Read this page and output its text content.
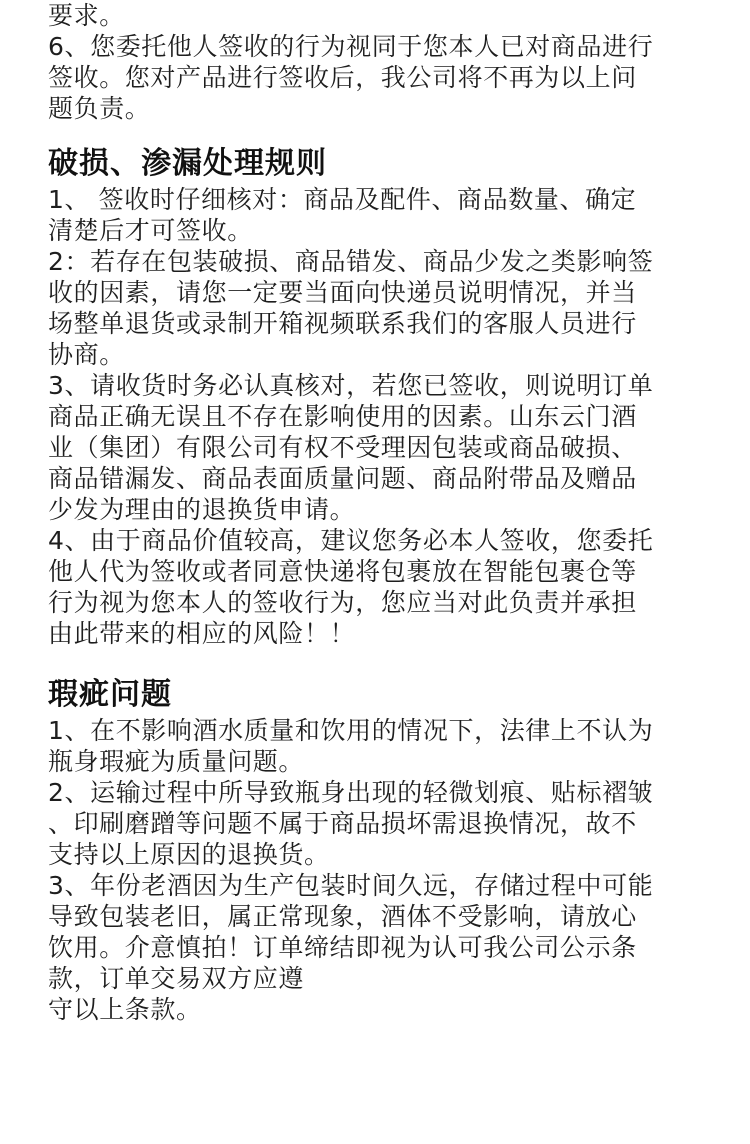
要求。
6、您委托他人签收的行为视同于您本人已对商品进行
签收。您对产品进行签收后，我公司将不再为以上问
题负责。
破损、渗漏处理规则
1、 签收时仔细核对：商品及配件、商品数量、确定
清楚后才可签收。
2：若存在包装破损、商品错发、商品少发之类影响签
收的因素，请您一定要当面向快递员说明情况，并当
场整单退货或录制开箱视频联系我们的客服人员进行
协商。
3、请收货时务必认真核对，若您已签收，则说明订单
商品正确无误且不存在影响使用的因素。山东云门酒
业（集团）有限公司有权不受理因包装或商品破损、
商品错漏发、商品表面质量问题、商品附带品及赠品
少发为理由的退换货申请。
4、由于商品价值较高，建议您务必本人签收，您委托
他人代为签收或者同意快递将包裹放在智能包裹仓等
行为视为您本人的签收行为，您应当对此负责并承担
由此带来的相应的风险！！
瑕疵问题
1、在不影响酒水质量和饮用的情况下，法律上不认为
瓶身瑕疵为质量问题。
2、运输过程中所导致瓶身出现的轻微划痕、贴标褶皱
、印刷磨蹭等问题不属于商品损坏需退换情况，故不
支持以上原因的退换货。
3、年份老酒因为生产包装时间久远，存储过程中可能
导致包装老旧，属正常现象，酒体不受影响，请放心
饮用。介意慎拍！订单缔结即视为认可我公司公示条
款，订单交易双方应遵
守以上条款。
